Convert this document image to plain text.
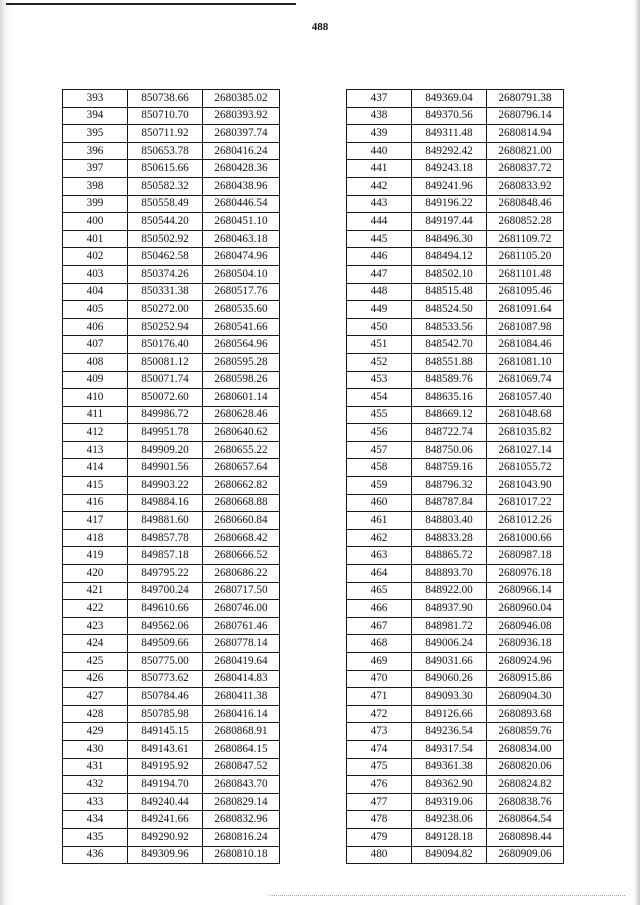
488
393	850738.66	2680385.02
394	850710.70	2680393.92
395	850711.92	2680397.74
396	850653.78	2680416.24
397	850615.66	2680428.36
398	850582.32	2680438.96
399	850558.49	2680446.54
400	850544.20	2680451.10
401	850502.92	2680463.18
402	850462.58	2680474.96
403	850374.26	2680504.10
404	850331.38	2680517.76
405	850272.00	2680535.60
406	850252.94	2680541.66
407	850176.40	2680564.96
408	850081.12	2680595.28
409	850071.74	2680598.26
410	850072.60	2680601.14
411	849986.72	2680628.46
412	849951.78	2680640.62
413	849909.20	2680655.22
414	849901.56	2680657.64
415	849903.22	2680662.82
416	849884.16	2680668.88
417	849881.60	2680660.84
418	849857.78	2680668.42
419	849857.18	2680666.52
420	849795.22	2680686.22
421	849700.24	2680717.50
422	849610.66	2680746.00
423	849562.06	2680761.46
424	849509.66	2680778.14
425	850775.00	2680419.64
426	850773.62	2680414.83
427	850784.46	2680411.38
428	850785.98	2680416.14
429	849145.15	2680868.91
430	849143.61	2680864.15
431	849195.92	2680847.52
432	849194.70	2680843.70
433	849240.44	2680829.14
434	849241.66	2680832.96
435	849290.92	2680816.24
436	849309.96	2680810.18
437	849369.04	2680791.38
438	849370.56	2680796.14
439	849311.48	2680814.94
440	849292.42	2680821.00
441	849243.18	2680837.72
442	849241.96	2680833.92
443	849196.22	2680848.46
444	849197.44	2680852.28
445	848496.30	2681109.72
446	848494.12	2681105.20
447	848502.10	2681101.48
448	848515.48	2681095.46
449	848524.50	2681091.64
450	848533.56	2681087.98
451	848542.70	2681084.46
452	848551.88	2681081.10
453	848589.76	2681069.74
454	848635.16	2681057.40
455	848669.12	2681048.68
456	848722.74	2681035.82
457	848750.06	2681027.14
458	848759.16	2681055.72
459	848796.32	2681043.90
460	848787.84	2681017.22
461	848803.40	2681012.26
462	848833.28	2681000.66
463	848865.72	2680987.18
464	848893.70	2680976.18
465	848922.00	2680966.14
466	848937.90	2680960.04
467	848981.72	2680946.08
468	849006.24	2680936.18
469	849031.66	2680924.96
470	849060.26	2680915.86
471	849093.30	2680904.30
472	849126.66	2680893.68
473	849236.54	2680859.76
474	849317.54	2680834.00
475	849361.38	2680820.06
476	849362.90	2680824.82
477	849319.06	2680838.76
478	849238.06	2680864.54
479	849128.18	2680898.44
480	849094.82	2680909.06
